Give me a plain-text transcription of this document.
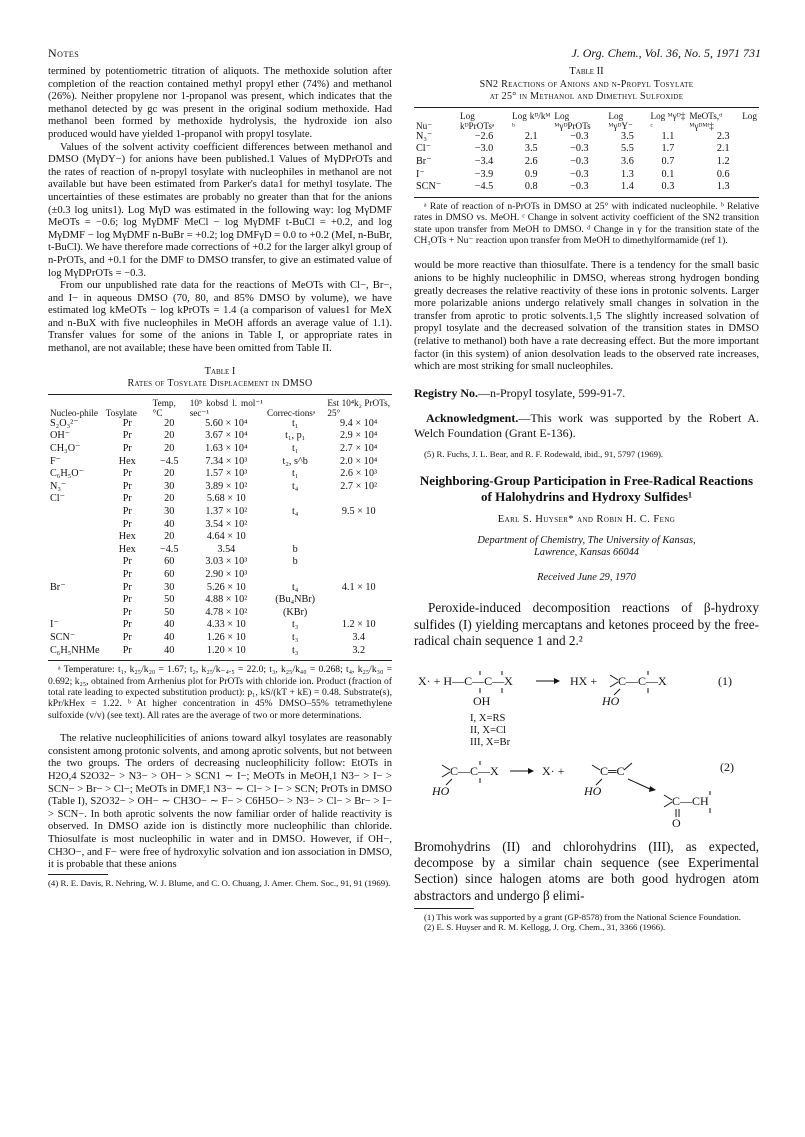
Notes	J. Org. Chem., Vol. 36, No. 5, 1971 731

termined by potentiometric titration of aliquots. The methoxide solution after completion of the reaction contained methyl propyl ether (74%) and methanol (26%). Neither propylene nor 1-propanol was present, which indicates that the methanol detected by gc was present in the original sodium methoxide. Had methanol been formed by methoxide hydrolysis, the hydroxide ion also produced would have yielded 1-propanol with propyl tosylate.

Values of the solvent activity coefficient differences between methanol and DMSO (MγDY−) for anions have been published.1 Values of MγDPrOTs and the rates of reaction of n-propyl tosylate with nucleophiles in methanol are not available but have been estimated from Parker's data1 for methyl tosylate. The uncertainties of these estimates are probably no greater than that for the anions (±0.3 log units1). Log MγD was estimated in the following way: log MγDMF MeOTs = −0.6; log MγDMF MeCl − log MγDMF t-BuCl = +0.2, and log MγDMF − log MγDMF n-BuBr = +0.2; log DMFγD = 0.0 to +0.2 (MeI, n-BuBr, t-BuCl). We have therefore made corrections of +0.2 for the larger alkyl group of n-PrOTs, and +0.1 for the DMF to DMSO transfer, to give an estimated value of log MγDPrOTs = −0.3.

From our unpublished rate data for the reactions of MeOTs with Cl−, Br−, and I− in aqueous DMSO (70, 80, and 85% DMSO by volume), we have estimated log kMeOTs − log kPrOTs = 1.4 (a comparison of values1 for MeX and n-BuX with five nucleophiles in MeOH affords an average value of 1.1). Transfer values for some of the anions in Table I, or appropriate rates in methanol, are not available; these have been omitted from Table II.

Table I
Rates of Tosylate Displacement in DMSO
Nucleo-phile	Tosylate	Temp, °C	10⁵ kobsd l. mol⁻¹ sec⁻¹	Correc-tionsᵃ	Est 10⁴k₂ PrOTs, 25°
S₂O₃²⁻	Pr	20	5.60 × 10⁴	t₁	9.4 × 10⁴
OH⁻	Pr	20	3.67 × 10⁴	t₁, p₁	2.9 × 10⁴
CH₃O⁻	Pr	20	1.63 × 10⁴	t₁	2.7 × 10⁴
F⁻	Hex	−4.5	7.34 × 10³	t₂, s^b	2.0 × 10⁴
C₆H₅O⁻	Pr	20	1.57 × 10³	t₁	2.6 × 10³
N₃⁻	Pr	30	3.89 × 10²	t₄	2.7 × 10²
Cl⁻	Pr	20	5.68 × 10		
	Pr	30	1.37 × 10²	t₄	9.5 × 10
	Pr	40	3.54 × 10²		
	Hex	20	4.64 × 10		
	Hex	−4.5	3.54	b	
	Pr	60	3.03 × 10³	b	
	Pr	60	2.90 × 10³		
Br⁻	Pr	30	5.26 × 10	t₄	4.1 × 10
	Pr	50	4.88 × 10²	(Bu₄NBr)	
	Pr	50	4.78 × 10²	(KBr)	
I⁻	Pr	40	4.33 × 10	t₃	1.2 × 10
SCN⁻	Pr	40	1.26 × 10	t₃	3.4
C₆H₅NHMe	Pr	40	1.20 × 10	t₃	3.2
ᵃ Temperature: t₁, k₂₅/k₂₀ = 1.67; t₂, k₂₅/k₋₄.₅ = 22.0; t₃, k₂₅/k₄₀ = 0.268; t₄, k₂₅/k₃₀ = 0.692; k₂₅, obtained from Arrhenius plot for PrOTs with chloride ion. Product (fraction of total rate leading to expected substitution product): p₁, kS/(kT + kE) = 0.48. Substrate(s), kPr/kHex = 1.22. ᵇ At higher concentration in 45% DMSO–55% tetramethylene sulfoxide (v/v) (see text). All rates are the average of two or more determinations.

The relative nucleophilicities of anions toward alkyl tosylates are reasonably consistent among protonic solvents, and among aprotic solvents, but not between the two groups. The orders of decreasing nucleophilicity follow: EtOTs in H2O,4 S2O32− > N3− > OH− > SCN1 ∼ I−; MeOTs in MeOH,1 N3− > I− > SCN− > Br− > Cl−; MeOTs in DMF,1 N3− ∼ Cl− > I− > SCN; PrOTs in DMSO (Table I), S2O32− > OH− ∼ CH3O− ∼ F− > C6H5O− > N3− > Cl− > Br− > I− > SCN−. In both aprotic solvents the now familiar order of halide reactivity is observed. In DMSO azide ion is distinctly more nucleophilic than chloride. Thiosulfate is most nucleophilic in water and in DMSO. However, if OH−, CH3O−, and F− were free of hydroxylic solvation and ion association in DMSO, it is probable that these anions

(4) R. E. Davis, R. Nehring, W. J. Blume, and C. O. Chuang, J. Amer. Chem. Soc., 91, 91 (1969).
Table II
SN2 Reactions of Anions and n-Propyl Tosylate
at 25° in Methanol and Dimethyl Sulfoxide
Nu⁻	Log kᴰPrOTsᵃ	Log kᴰ/kᴹ ᵇ	Log ᴹγᴰPrOTs	Log ᴹγᴰY⁻	Log ᴹγᴰ‡ ᶜ	MeOTs,ᵈ Log ᴹγᴰᴹᶠ‡
N₃⁻	−2.6	2.1	−0.3	3.5	1.1	2.3
Cl⁻	−3.0	3.5	−0.3	5.5	1.7	2.1
Br⁻	−3.4	2.6	−0.3	3.6	0.7	1.2
I⁻	−3.9	0.9	−0.3	1.3	0.1	0.6
SCN⁻	−4.5	0.8	−0.3	1.4	0.3	1.3
ᵃ Rate of reaction of n-PrOTs in DMSO at 25° with indicated nucleophile. ᵇ Relative rates in DMSO vs. MeOH. ᶜ Change in solvent activity coefficient of the SN2 transition state upon transfer from MeOH to DMSO. ᵈ Change in γ for the transition state of the CH₃OTs + Nu⁻ reaction upon transfer from MeOH to dimethylformamide (ref 1).

would be more reactive than thiosulfate. There is a tendency for the small basic anions to be highly nucleophilic in DMSO, whereas strong hydrogen bonding greatly decreases the relative reactivity of these ions in protonic solvents. Larger more polarizable anions undergo relatively small changes in solvation in the transfer from aprotic to protic solvents.1,5 The slightly increased solvation of propyl tosylate and the decreased solvation of the transition states in DMSO (relative to methanol) both have a rate decreasing effect. But the more important factor (in this system) of anion desolvation leads to the observed rate increases, which are most striking for small nucleophiles.

Registry No.—n-Propyl tosylate, 599-91-7.

Acknowledgment.—This work was supported by the Robert A. Welch Foundation (Grant E-136).

(5) R. Fuchs, J. L. Bear, and R. F. Rodewald, ibid., 91, 5797 (1969).
Neighboring-Group Participation in Free-Radical Reactions of Halohydrins and Hydroxy Sulfides¹
Earl S. Huyser* and Robin H. C. Feng
Department of Chemistry, The University of Kansas,
Lawrence, Kansas 66044
Received June 29, 1970

Peroxide-induced decomposition reactions of β-hydroxy sulfides (I) yielding mercaptans and ketones proceed by the free-radical chain sequence 1 and 2.²

X· + H—C—C—X
OH
HX + C—C—X
HO
(1)
I, X=RS
II, X=Cl
III, X=Br
C—C—X
HO
X· +	C═C
HO
C—CH
O
(2)

Bromohydrins (II) and chlorohydrins (III), as expected, decompose by a similar chain sequence (see Experimental Section) since halogen atoms are both good hydrogen atom abstractors and undergo β elimi-

(1) This work was supported by a grant (GP-8578) from the National Science Foundation.
(2) E. S. Huyser and R. M. Kellogg, J. Org. Chem., 31, 3366 (1966).
